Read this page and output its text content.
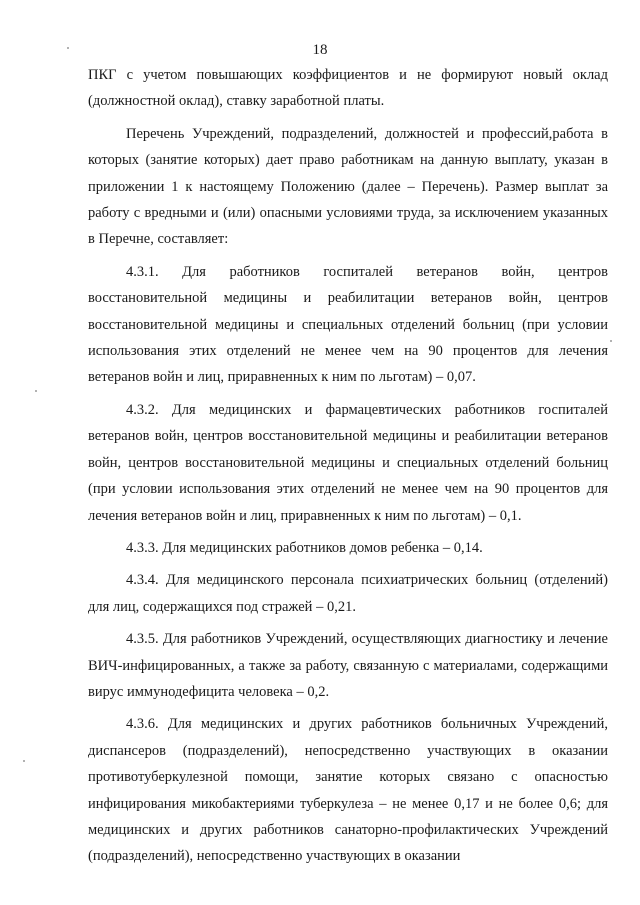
18

ПКГ с учетом повышающих коэффициентов и не формируют новый оклад (должностной оклад), ставку заработной платы.

Перечень Учреждений, подразделений, должностей и профессий,работа в которых (занятие которых) дает право работникам на данную выплату, указан в приложении 1 к настоящему Положению (далее – Перечень). Размер выплат за работу с вредными и (или) опасными условиями труда, за исключением указанных в Перечне, составляет:

4.3.1. Для работников госпиталей ветеранов войн, центров восстановительной медицины и реабилитации ветеранов войн, центров восстановительной медицины и специальных отделений больниц (при условии использования этих отделений не менее чем на 90 процентов для лечения ветеранов войн и лиц, приравненных к ним по льготам) – 0,07.

4.3.2. Для медицинских и фармацевтических работников госпиталей ветеранов войн, центров восстановительной медицины и реабилитации ветеранов войн, центров восстановительной медицины и специальных отделений больниц (при условии использования этих отделений не менее чем на 90 процентов для лечения ветеранов войн и лиц, приравненных к ним по льготам) – 0,1.

4.3.3. Для медицинских работников домов ребенка – 0,14.

4.3.4. Для медицинского персонала психиатрических больниц (отделений) для лиц, содержащихся под стражей – 0,21.

4.3.5. Для работников Учреждений, осуществляющих диагностику и лечение ВИЧ-инфицированных, а также за работу, связанную с материалами, содержащими вирус иммунодефицита человека – 0,2.

4.3.6. Для медицинских и других работников больничных Учреждений, диспансеров (подразделений), непосредственно участвующих в оказании противотуберкулезной помощи, занятие которых связано с опасностью инфицирования микобактериями туберкулеза – не менее 0,17 и не более 0,6; для медицинских и других работников санаторно-профилактических Учреждений (подразделений), непосредственно участвующих в оказании
